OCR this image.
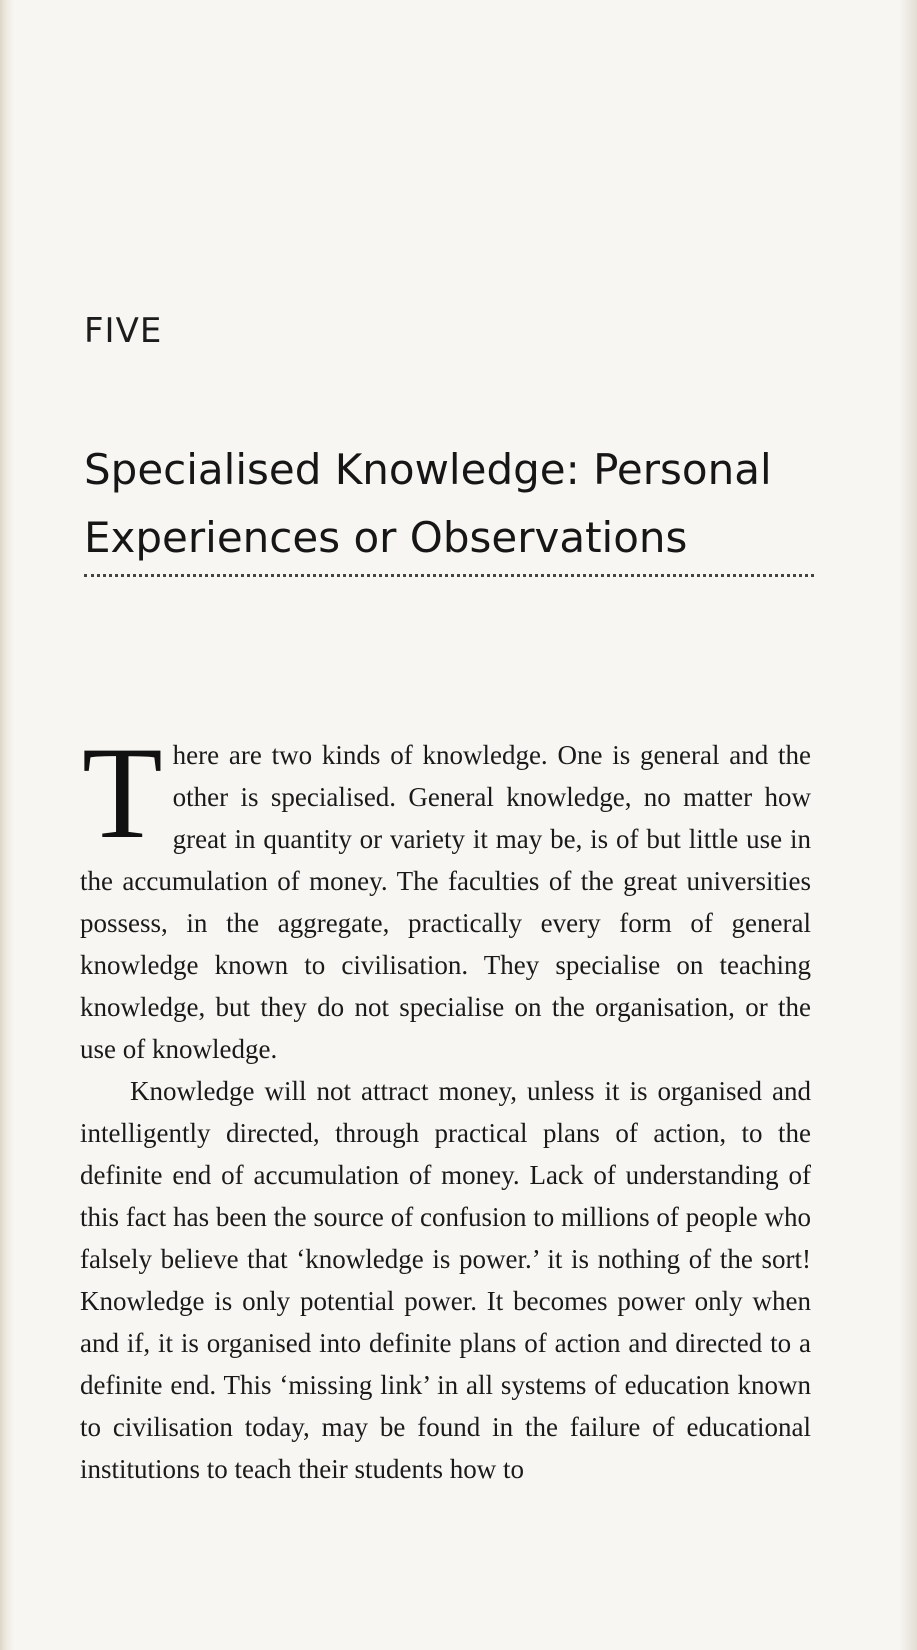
FIVE
Specialised Knowledge: Personal Experiences or Observations

There are two kinds of knowledge. One is general and the other is specialised. General knowledge, no matter how great in quantity or variety it may be, is of but little use in the accumulation of money. The faculties of the great universities possess, in the aggregate, practically every form of general knowledge known to civilisation. They specialise on teaching knowledge, but they do not specialise on the organisation, or the use of knowledge.

Knowledge will not attract money, unless it is organised and intelligently directed, through practical plans of action, to the definite end of accumulation of money. Lack of understanding of this fact has been the source of confusion to millions of people who falsely believe that ‘knowledge is power.’ it is nothing of the sort! Knowledge is only potential power. It becomes power only when and if, it is organised into definite plans of action and directed to a definite end. This ‘missing link’ in all systems of education known to civilisation today, may be found in the failure of educational institutions to teach their students how to
